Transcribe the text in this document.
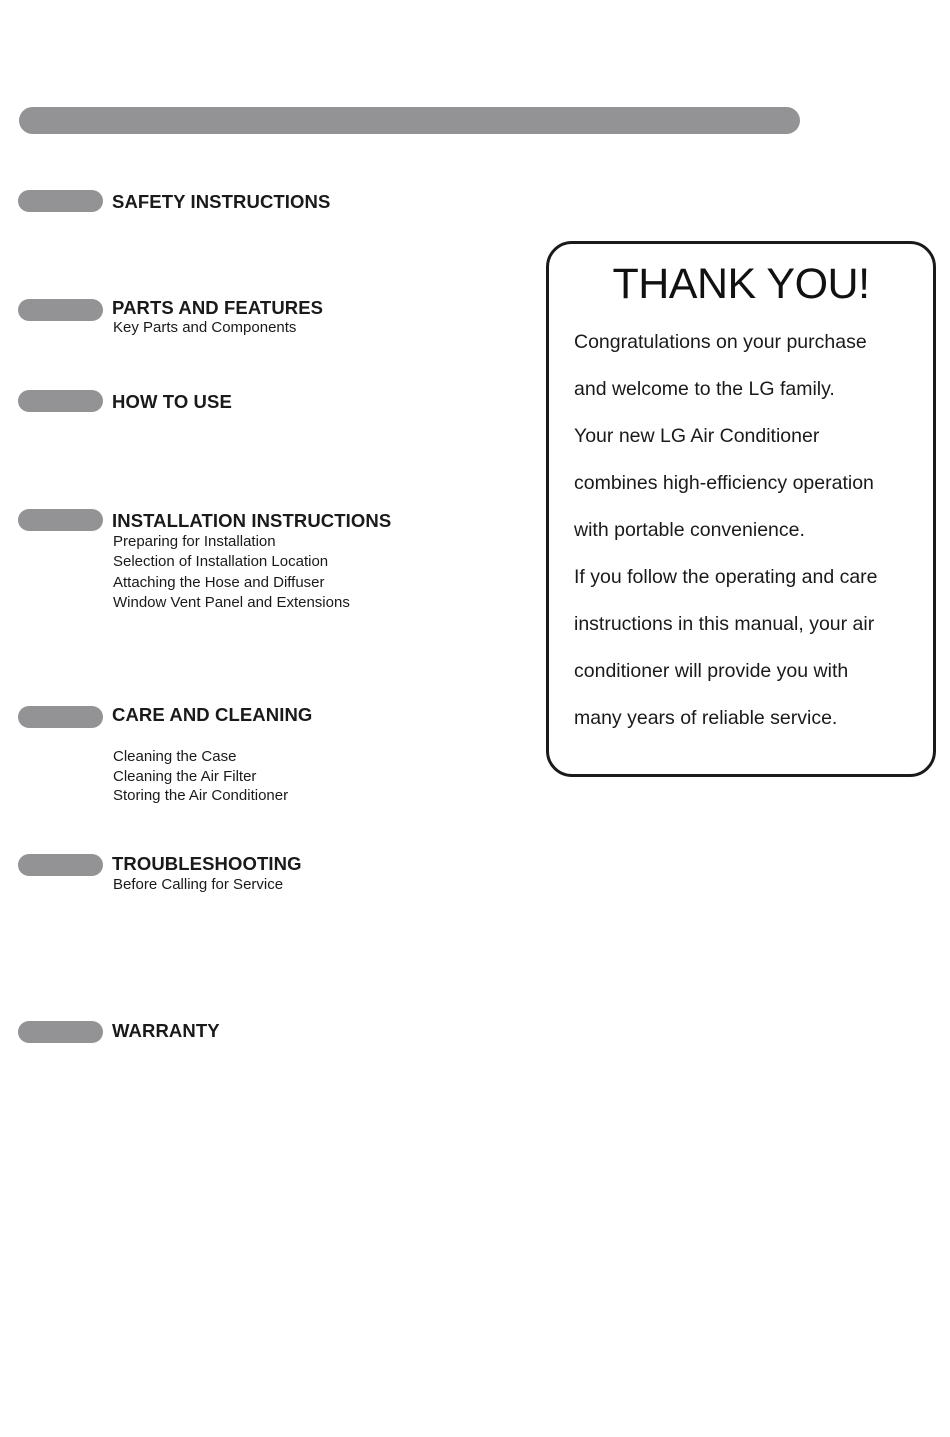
SAFETY INSTRUCTIONS
PARTS AND FEATURES
Key Parts and Components
HOW TO USE
INSTALLATION INSTRUCTIONS
Preparing for Installation
Selection of Installation Location
Attaching the Hose and Diffuser
Window Vent Panel and Extensions
CARE AND CLEANING
Cleaning the Case
Cleaning the Air Filter
Storing the Air Conditioner
TROUBLESHOOTING
Before Calling for Service
WARRANTY
THANK YOU!
Congratulations on your purchase
and welcome to the LG family.
Your new LG Air Conditioner
combines high-efficiency operation
with portable convenience.
If you follow the operating and care
instructions in this manual, your air
conditioner will provide you with
many years of reliable service.
